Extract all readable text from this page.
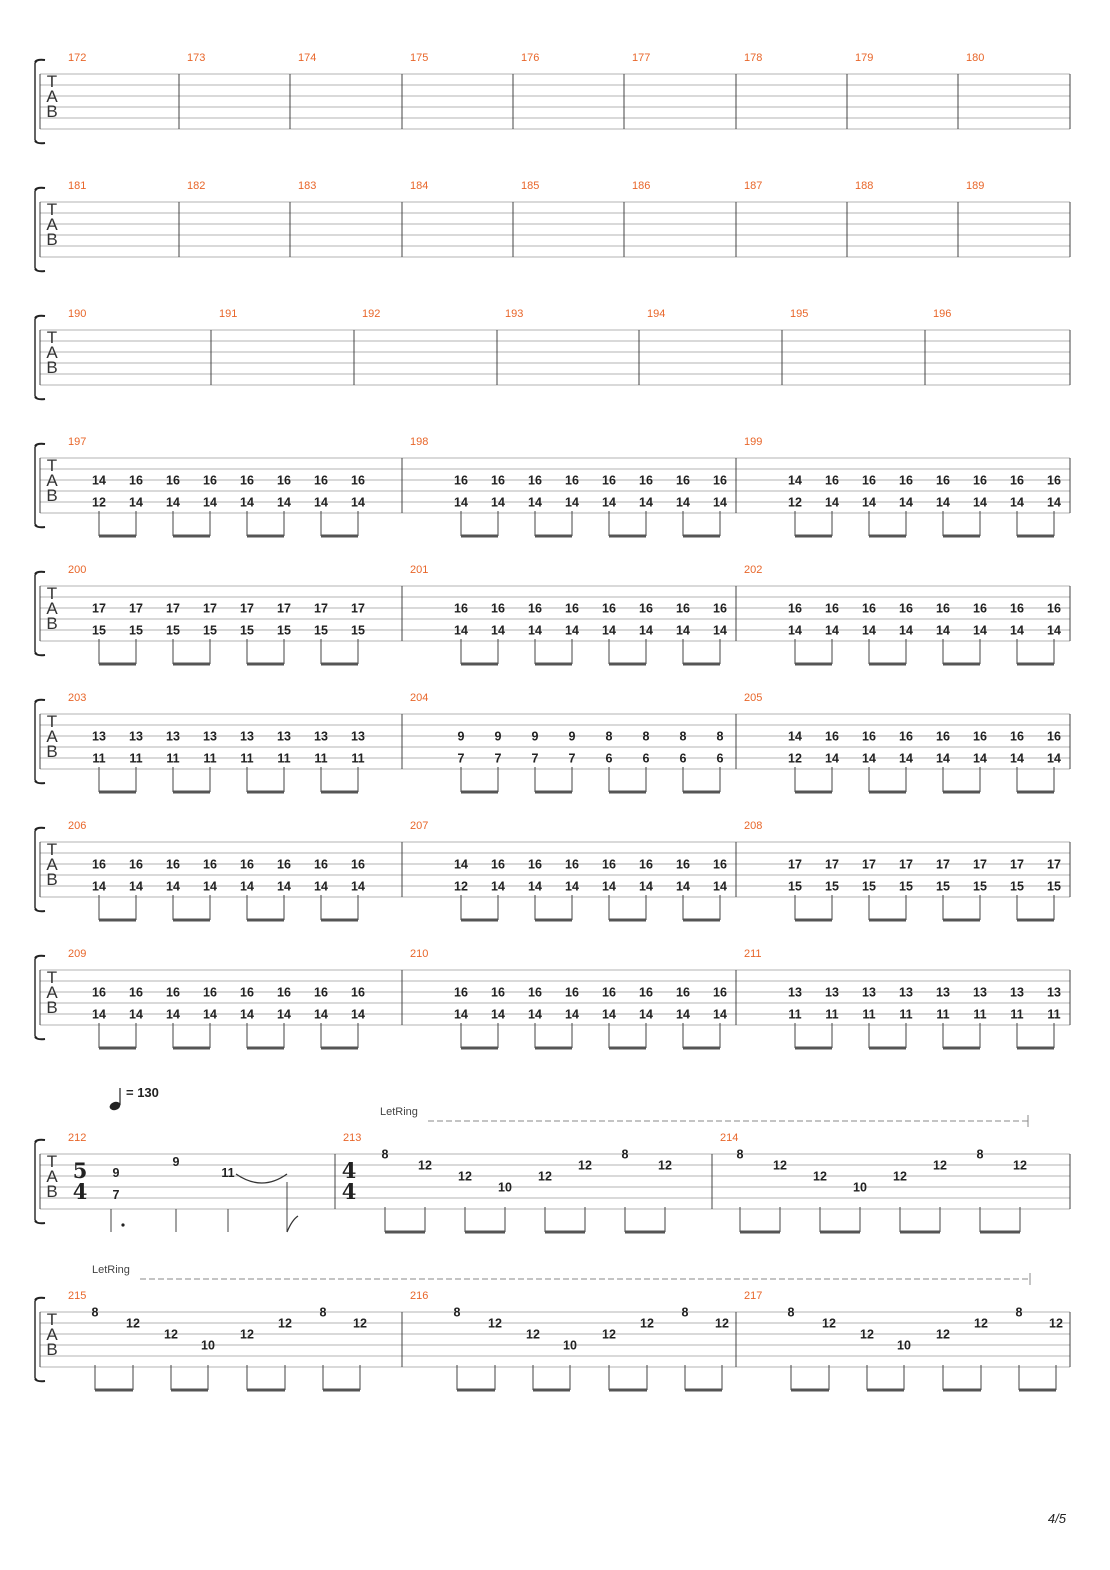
T
A
B
172	173	174	175	176	177	178	179	180
T
A
B
181	182	183	184	185	186	187	188	189
T
A
B
190	191	192	193	194	195	196
T
A
B
197	198	199
14
12
16
14
16
14
16
14
16
14
16
14
16
14
16
14
16
14
16
14
16
14
16
14
16
14
16
14
16
14
16
14
14
12
16
14
16
14
16
14
16
14
16
14
16
14
16
14
T
A
B
200	201	202
17
15
17
15
17
15
17
15
17
15
17
15
17
15
17
15
16
14
16
14
16
14
16
14
16
14
16
14
16
14
16
14
16
14
16
14
16
14
16
14
16
14
16
14
16
14
16
14
T
A
B
203	204	205
13
11
13
11
13
11
13
11
13
11
13
11
13
11
13
11
9
7
9
7
9
7
9
7
8
6
8
6
8
6
8
6
14
12
16
14
16
14
16
14
16
14
16
14
16
14
16
14
T
A
B
206	207	208
16
14
16
14
16
14
16
14
16
14
16
14
16
14
16
14
14
12
16
14
16
14
16
14
16
14
16
14
16
14
16
14
17
15
17
15
17
15
17
15
17
15
17
15
17
15
17
15
T
A
B
209	210	211
16
14
16
14
16
14
16
14
16
14
16
14
16
14
16
14
16
14
16
14
16
14
16
14
16
14
16
14
16
14
16
14
13
11
13
11
13
11
13
11
13
11
13
11
13
11
13
11
T
A
B
212	213	214
T
A
B
215	216	217
= 130
LetRing
5
4
4
4
9
7
9
11
8
12
12
10
12
12
8
12
8
12
12
10
12
12
8
12
LetRing
8
12
12
10
12
12
8
12
8
12
12
10
12
12
8
12
8
12
12
10
12
12
8
12
4/5
